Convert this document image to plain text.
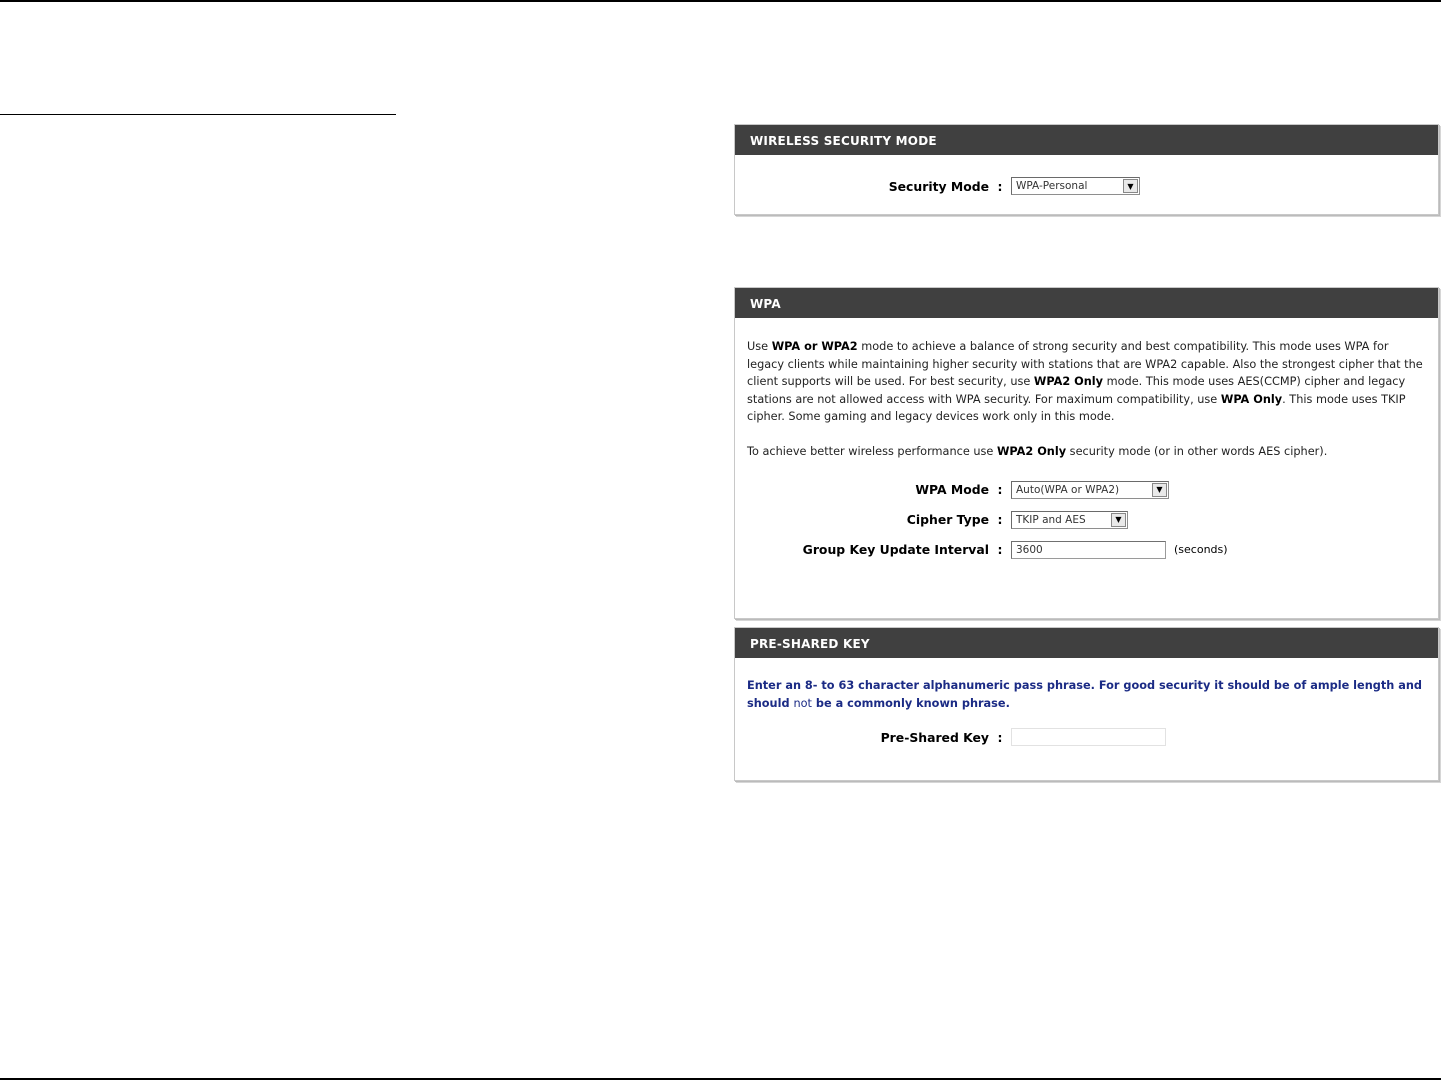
WIRELESS SECURITY MODE
Security Mode :	WPA-Personal	▼
WPA

Use WPA or WPA2 mode to achieve a balance of strong security and best compatibility. This mode uses WPA for legacy clients while maintaining higher security with stations that are WPA2 capable. Also the strongest cipher that the client supports will be used. For best security, use WPA2 Only mode. This mode uses AES(CCMP) cipher and legacy stations are not allowed access with WPA security. For maximum compatibility, use WPA Only. This mode uses TKIP cipher. Some gaming and legacy devices work only in this mode.

To achieve better wireless performance use WPA2 Only security mode (or in other words AES cipher).

WPA Mode :	Auto(WPA or WPA2)	▼
Cipher Type :	TKIP and AES	▼
Group Key Update Interval :
3600	(seconds)
PRE-SHARED KEY

Enter an 8- to 63 character alphanumeric pass phrase. For good security it should be of ample length and should not be a commonly known phrase.

Pre-Shared Key :
